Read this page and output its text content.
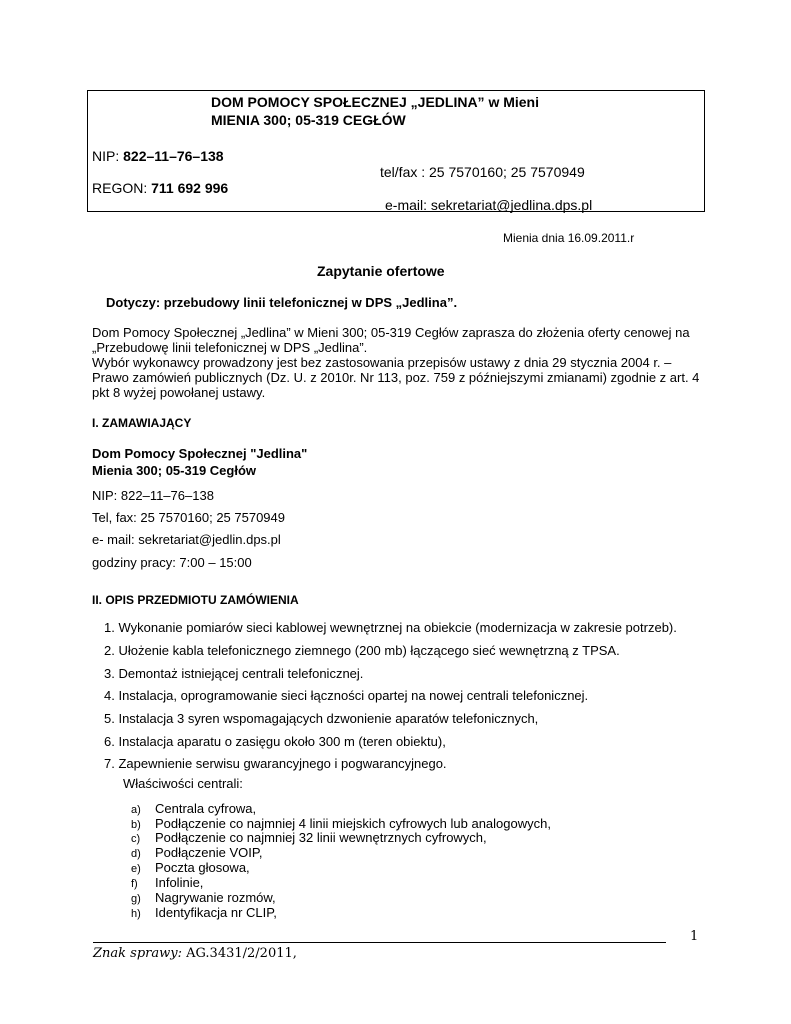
DOM POMOCY SPOŁECZNEJ „JEDLINA” w Mieni
MIENIA 300; 05-319 CEGŁÓW
NIP: 822–11–76–138
tel/fax : 25 7570160; 25 7570949
REGON: 711 692 996
e-mail: sekretariat@jedlina.dps.pl
Mienia dnia 16.09.2011.r
Zapytanie ofertowe
Dotyczy: przebudowy linii telefonicznej w DPS „Jedlina”.
Dom Pomocy Społecznej „Jedlina” w Mieni 300; 05-319 Cegłów zaprasza do złożenia oferty cenowej na
„Przebudowę linii telefonicznej w DPS „Jedlina”.
Wybór wykonawcy prowadzony jest bez zastosowania przepisów ustawy z dnia 29 stycznia 2004 r. –
Prawo zamówień publicznych (Dz. U. z 2010r. Nr 113, poz. 759 z późniejszymi zmianami) zgodnie z art. 4
pkt 8 wyżej powołanej ustawy.
I. ZAMAWIAJĄCY
Dom Pomocy Społecznej "Jedlina"
Mienia 300; 05-319 Cegłów
NIP: 822–11–76–138
Tel, fax: 25 7570160; 25 7570949
e- mail: sekretariat@jedlin.dps.pl
godziny pracy: 7:00 – 15:00
II. OPIS PRZEDMIOTU ZAMÓWIENIA
1. Wykonanie pomiarów sieci kablowej wewnętrznej na obiekcie (modernizacja w zakresie potrzeb).
2. Ułożenie kabla telefonicznego ziemnego (200 mb) łączącego sieć wewnętrzną z TPSA.
3. Demontaż istniejącej centrali telefonicznej.
4. Instalacja, oprogramowanie sieci łączności opartej na nowej centrali telefonicznej.
5. Instalacja 3 syren wspomagających dzwonienie aparatów telefonicznych,
6. Instalacja aparatu o zasięgu około 300 m (teren obiektu),
7. Zapewnienie serwisu gwarancyjnego i pogwarancyjnego.
Właściwości centrali:
a) Centrala cyfrowa,
b) Podłączenie co najmniej 4 linii miejskich cyfrowych lub analogowych,
c) Podłączenie co najmniej 32 linii wewnętrznych cyfrowych,
d) Podłączenie VOIP,
e) Poczta głosowa,
f) Infolinie,
g) Nagrywanie rozmów,
h) Identyfikacja nr CLIP,
1
Znak sprawy: AG.3431/2/2011,
